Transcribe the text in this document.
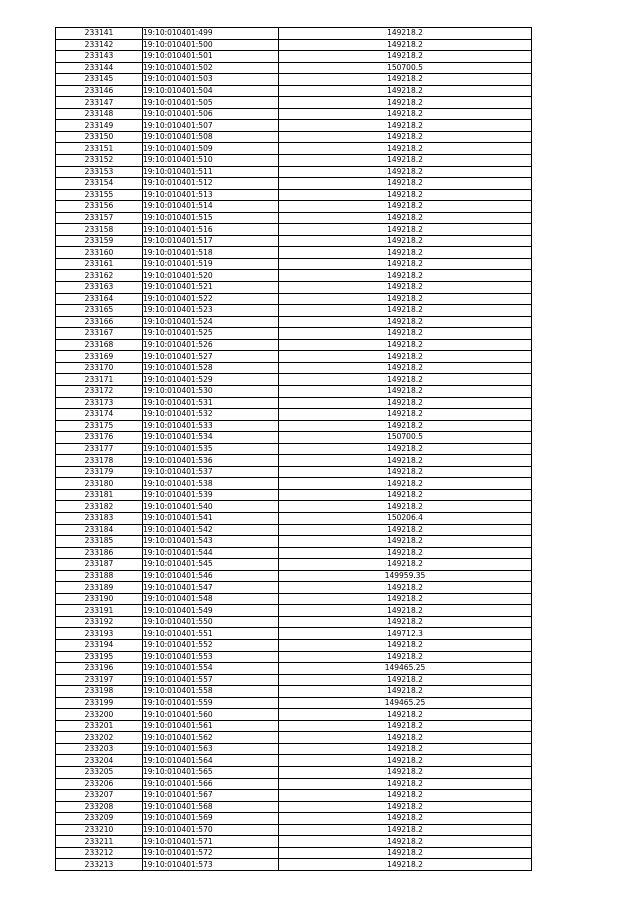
233141	19:10:010401:499	149218.2
233142	19:10:010401:500	149218.2
233143	19:10:010401:501	149218.2
233144	19:10:010401:502	150700.5
233145	19:10:010401:503	149218.2
233146	19:10:010401:504	149218.2
233147	19:10:010401:505	149218.2
233148	19:10:010401:506	149218.2
233149	19:10:010401:507	149218.2
233150	19:10:010401:508	149218.2
233151	19:10:010401:509	149218.2
233152	19:10:010401:510	149218.2
233153	19:10:010401:511	149218.2
233154	19:10:010401:512	149218.2
233155	19:10:010401:513	149218.2
233156	19:10:010401:514	149218.2
233157	19:10:010401:515	149218.2
233158	19:10:010401:516	149218.2
233159	19:10:010401:517	149218.2
233160	19:10:010401:518	149218.2
233161	19:10:010401:519	149218.2
233162	19:10:010401:520	149218.2
233163	19:10:010401:521	149218.2
233164	19:10:010401:522	149218.2
233165	19:10:010401:523	149218.2
233166	19:10:010401:524	149218.2
233167	19:10:010401:525	149218.2
233168	19:10:010401:526	149218.2
233169	19:10:010401:527	149218.2
233170	19:10:010401:528	149218.2
233171	19:10:010401:529	149218.2
233172	19:10:010401:530	149218.2
233173	19:10:010401:531	149218.2
233174	19:10:010401:532	149218.2
233175	19:10:010401:533	149218.2
233176	19:10:010401:534	150700.5
233177	19:10:010401:535	149218.2
233178	19:10:010401:536	149218.2
233179	19:10:010401:537	149218.2
233180	19:10:010401:538	149218.2
233181	19:10:010401:539	149218.2
233182	19:10:010401:540	149218.2
233183	19:10:010401:541	150206.4
233184	19:10:010401:542	149218.2
233185	19:10:010401:543	149218.2
233186	19:10:010401:544	149218.2
233187	19:10:010401:545	149218.2
233188	19:10:010401:546	149959.35
233189	19:10:010401:547	149218.2
233190	19:10:010401:548	149218.2
233191	19:10:010401:549	149218.2
233192	19:10:010401:550	149218.2
233193	19:10:010401:551	149712.3
233194	19:10:010401:552	149218.2
233195	19:10:010401:553	149218.2
233196	19:10:010401:554	149465.25
233197	19:10:010401:557	149218.2
233198	19:10:010401:558	149218.2
233199	19:10:010401:559	149465.25
233200	19:10:010401:560	149218.2
233201	19:10:010401:561	149218.2
233202	19:10:010401:562	149218.2
233203	19:10:010401:563	149218.2
233204	19:10:010401:564	149218.2
233205	19:10:010401:565	149218.2
233206	19:10:010401:566	149218.2
233207	19:10:010401:567	149218.2
233208	19:10:010401:568	149218.2
233209	19:10:010401:569	149218.2
233210	19:10:010401:570	149218.2
233211	19:10:010401:571	149218.2
233212	19:10:010401:572	149218.2
233213	19:10:010401:573	149218.2
